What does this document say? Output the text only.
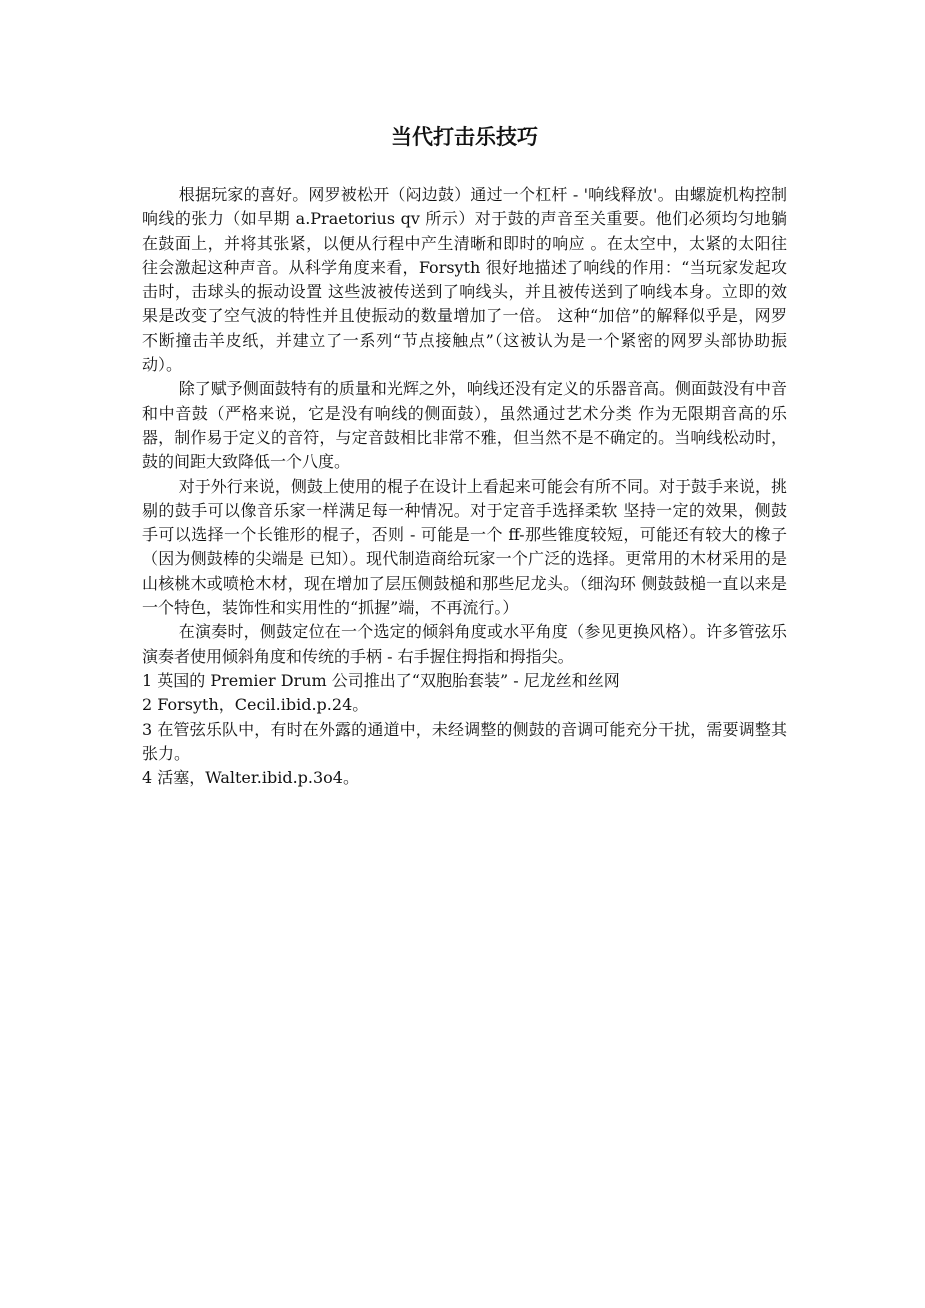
当代打击乐技巧

根据玩家的喜好。网罗被松开（闷边鼓）通过一个杠杆 - '响线释放'。由螺旋机构控制响线的张力（如早期 a.Praetorius qv 所示）对于鼓的声音至关重要。他们必须均匀地躺在鼓面上，并将其张紧，以便从行程中产生清晰和即时的响应 。在太空中，太紧的太阳往往会激起这种声音。从科学角度来看，Forsyth 很好地描述了响线的作用：“当玩家发起攻击时，击球头的振动设置 这些波被传送到了响线头，并且被传送到了响线本身。立即的效果是改变了空气波的特性并且使振动的数量增加了一倍。 这种“加倍”的解释似乎是，网罗不断撞击羊皮纸，并建立了一系列“节点接触点”（这被认为是一个紧密的网罗头部协助振动）。

除了赋予侧面鼓特有的质量和光辉之外，响线还没有定义的乐器音高。侧面鼓没有中音和中音鼓（严格来说，它是没有响线的侧面鼓），虽然通过艺术分类 作为无限期音高的乐器，制作易于定义的音符，与定音鼓相比非常不雅，但当然不是不确定的。当响线松动时，鼓的间距大致降低一个八度。

对于外行来说，侧鼓上使用的棍子在设计上看起来可能会有所不同。对于鼓手来说，挑剔的鼓手可以像音乐家一样满足每一种情况。对于定音手选择柔软 坚持一定的效果，侧鼓手可以选择一个长锥形的棍子，否则 - 可能是一个 ff-那些锥度较短，可能还有较大的橡子（因为侧鼓棒的尖端是 已知）。现代制造商给玩家一个广泛的选择。更常用的木材采用的是山核桃木或喷枪木材，现在增加了层压侧鼓槌和那些尼龙头。（细沟环 侧鼓鼓槌一直以来是一个特色，装饰性和实用性的“抓握”端，不再流行。）

在演奏时，侧鼓定位在一个选定的倾斜角度或水平角度（参见更换风格）。许多管弦乐演奏者使用倾斜角度和传统的手柄 - 右手握住拇指和拇指尖。

1 英国的 Premier Drum 公司推出了“双胞胎套装” - 尼龙丝和丝网

2 Forsyth，Cecil.ibid.p.24。

3 在管弦乐队中，有时在外露的通道中，未经调整的侧鼓的音调可能充分干扰，需要调整其张力。

4 活塞，Walter.ibid.p.3o4。
